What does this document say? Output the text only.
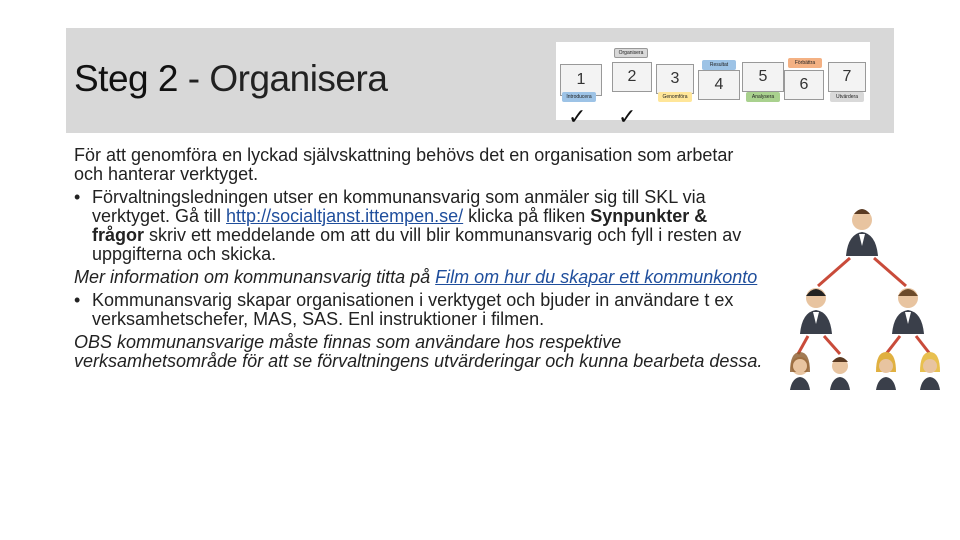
Steg 2 - Organisera	1
Organisera
2
Introducera
3
Genomföra
Resultat
4	5
Analysera
Förbättra
6	7
Utvärdera
✓ ✓

För att genomföra en lyckad självskattning behövs det en organisation som arbetar och hanterar verktyget.

• Förvaltningsledningen utser en kommunansvarig som anmäler sig till SKL via verktyget. Gå till http://socialtjanst.ittempen.se/ klicka på fliken Synpunkter & frågor skriv ett meddelande om att du vill blir kommunansvarig och fyll i resten av uppgifterna och skicka.

Mer information om kommunansvarig titta på Film om hur du skapar ett kommunkonto

• Kommunansvarig skapar organisationen i verktyget och bjuder in användare t ex verksamhetschefer, MAS, SAS. Enl instruktioner i filmen.

OBS kommunansvarige måste finnas som användare hos respektive verksamhetsområde för att se förvaltningens utvärderingar och kunna bearbeta dessa.
